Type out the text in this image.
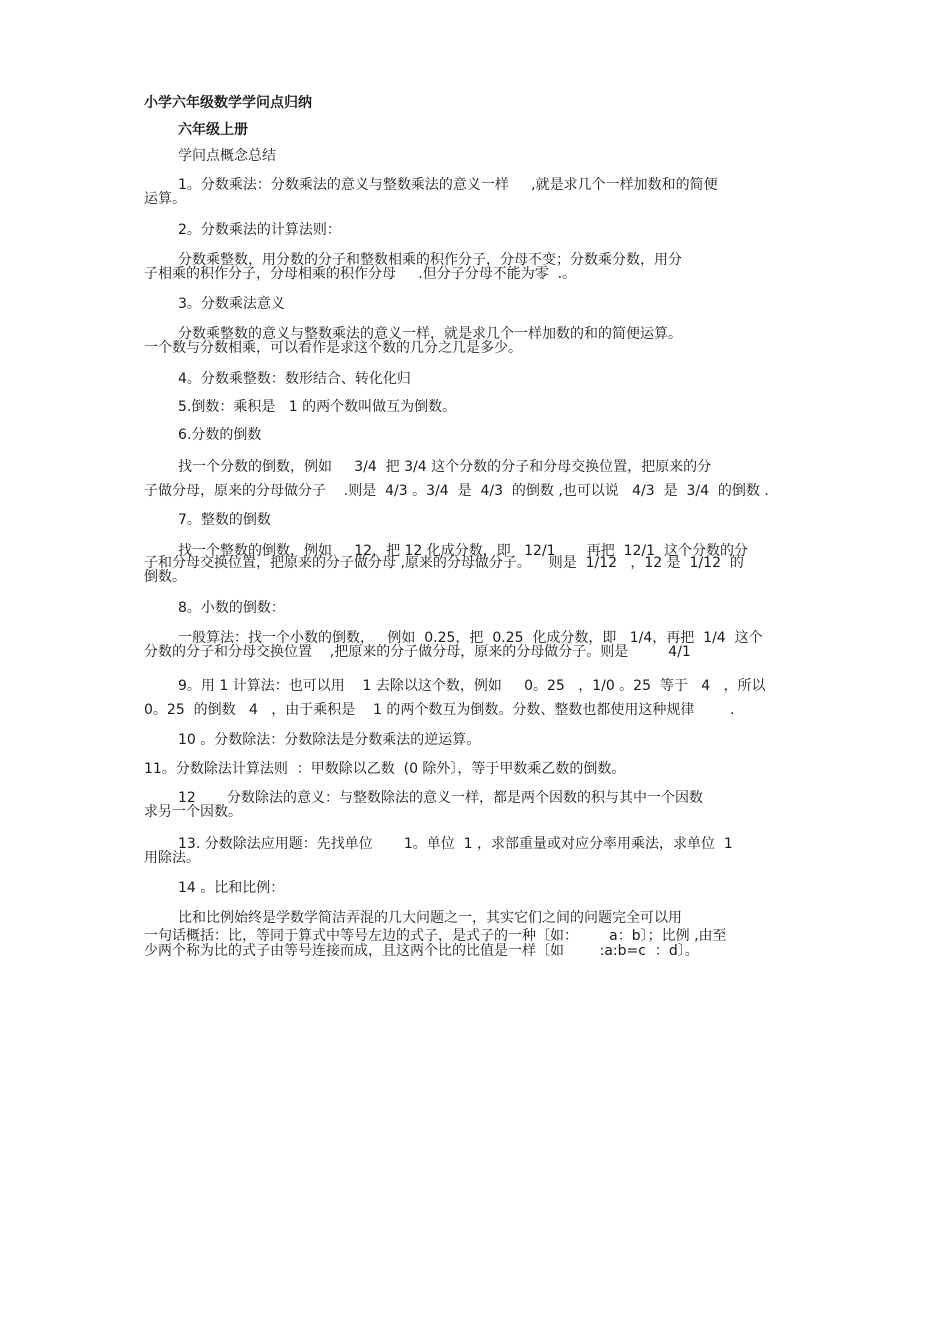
小学六年级数学学问点归纳
六年级上册
学问点概念总结
1。分数乘法：分数乘法的意义与整数乘法的意义一样     ,就是求几个一样加数和的简便
运算。
2。分数乘法的计算法则：
分数乘整数，用分数的分子和整数相乘的积作分子，分母不变；分数乘分数，用分
子相乘的积作分子，分母相乘的积作分母     .但分子分母不能为零  .。
3。分数乘法意义
分数乘整数的意义与整数乘法的意义一样，就是求几个一样加数的和的简便运算。
一个数与分数相乘，可以看作是求这个数的几分之几是多少。
4。分数乘整数：数形结合、转化化归
5.倒数：乘积是   1 的两个数叫做互为倒数。
6.分数的倒数
找一个分数的倒数，例如     3/4  把 3/4 这个分数的分子和分母交换位置，把原来的分
子做分母，原来的分母做分子    .则是  4/3 。3/4  是  4/3  的倒数 ,也可以说   4/3  是  3/4  的倒数 .
7。整数的倒数
找一个整数的倒数，例如     12，把 12 化成分数，即   12/1       再把  12/1  这个分数的分
子和分母交换位置，把原来的分子做分母 ,原来的分母做分子。    则是  1/12   ，12 是  1/12  的
倒数。
8。小数的倒数：
一般算法：找一个小数的倒数，   例如  0.25，把  0.25  化成分数，即   1/4，再把  1/4  这个
分数的分子和分母交换位置    ,把原来的分子做分母，原来的分母做分子。则是         4/1
9。用 1 计算法：也可以用    1 去除以这个数，例如     0。25   ，1/0 。25  等于   4   ，所以
0。25  的倒数   4   ，由于乘积是    1 的两个数互为倒数。分数、整数也都使用这种规律        .
10 。分数除法：分数除法是分数乘法的逆运算。
11。分数除法计算法则  ：甲数除以乙数  (0 除外〕，等于甲数乘乙数的倒数。
12       分数除法的意义：与整数除法的意义一样，都是两个因数的积与其中一个因数
求另一个因数。
13. 分数除法应用题：先找单位       1。单位  1 ，求部重量或对应分率用乘法，求单位  1
用除法。
14 。比和比例：
比和比例始终是学数学简洁弄混的几大问题之一，其实它们之间的问题完全可以用
一句话概括：比，等同于算式中等号左边的式子，是式子的一种〔如：       a：b〕；比例 ,由至
少两个称为比的式子由等号连接而成，且这两个比的比值是一样〔如        :a:b=c  ：d〕。
